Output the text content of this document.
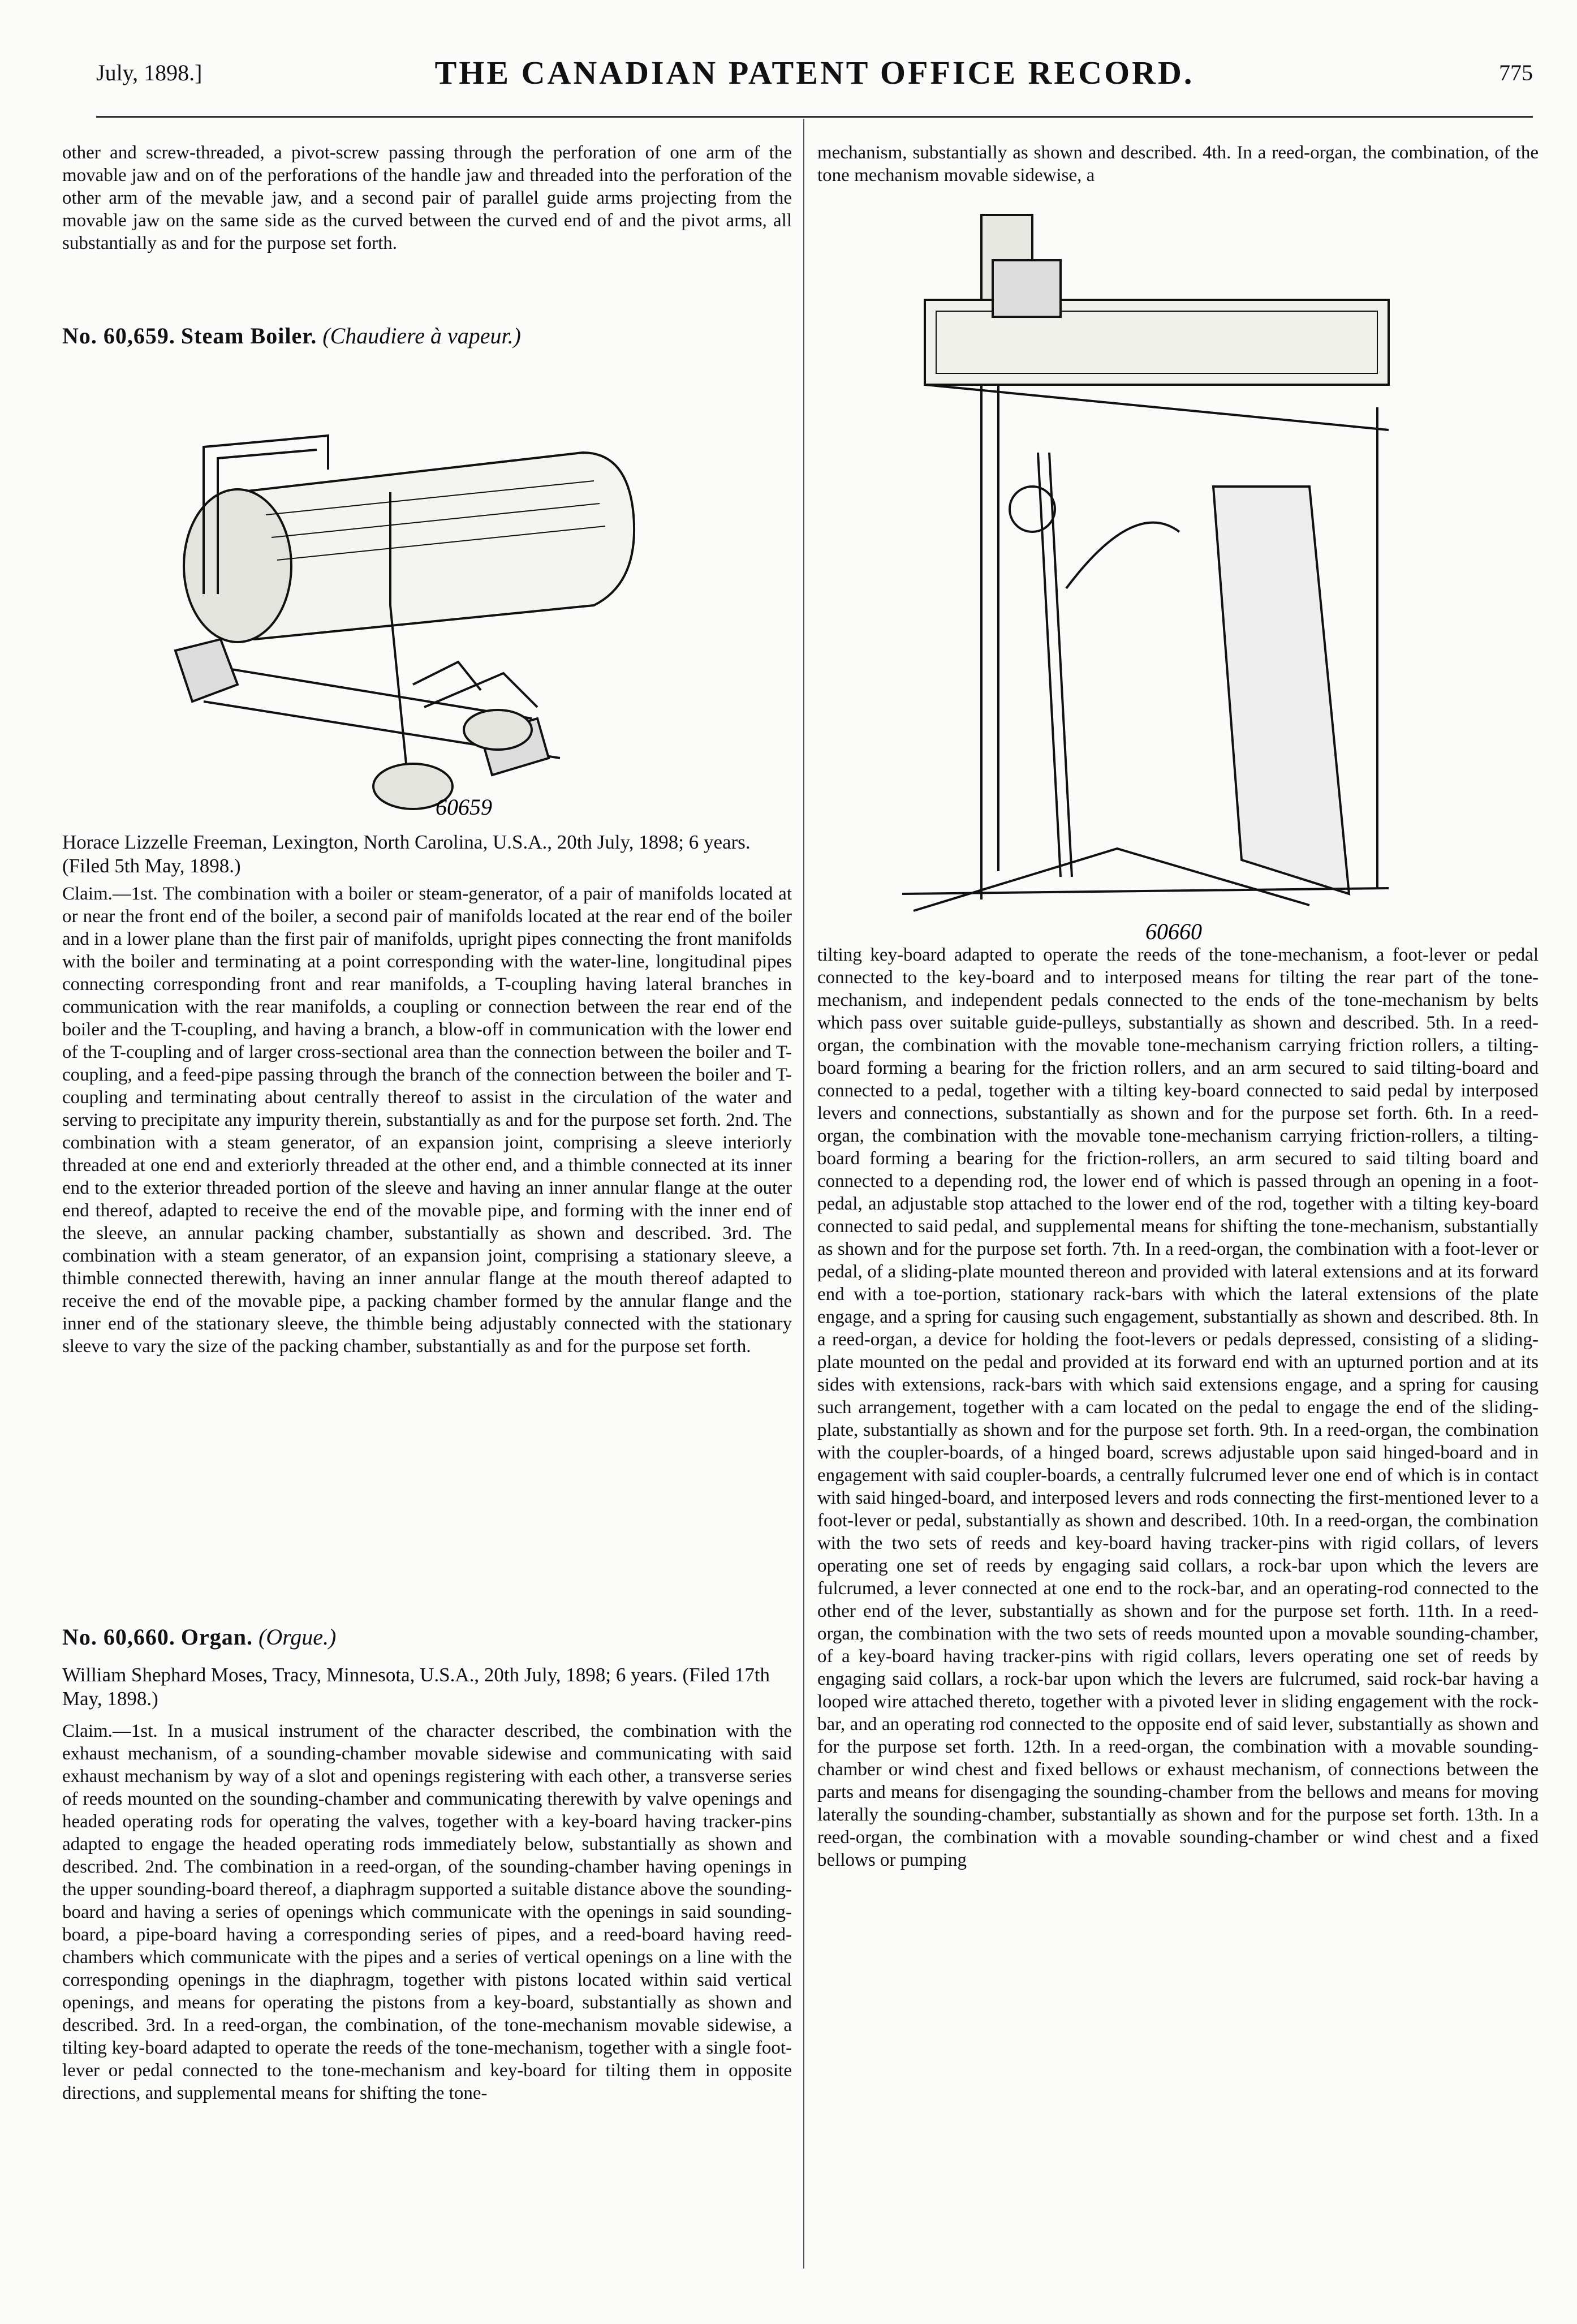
July, 1898.]	THE CANADIAN PATENT OFFICE RECORD.	775
other and screw-threaded, a pivot-screw passing through the perforation of one arm of the movable jaw and on of the perforations of the handle jaw and threaded into the perforation of the other arm of the mevable jaw, and a second pair of parallel guide arms projecting from the movable jaw on the same side as the curved between the curved end of and the pivot arms, all substantially as and for the purpose set forth.
No. 60,659. Steam Boiler. (Chaudiere à vapeur.)
60659
Horace Lizzelle Freeman, Lexington, North Carolina, U.S.A., 20th July, 1898; 6 years. (Filed 5th May, 1898.)
Claim.—1st. The combination with a boiler or steam-generator, of a pair of manifolds located at or near the front end of the boiler, a second pair of manifolds located at the rear end of the boiler and in a lower plane than the first pair of manifolds, upright pipes connecting the front manifolds with the boiler and terminating at a point corresponding with the water-line, longitudinal pipes connecting corresponding front and rear manifolds, a T-coupling having lateral branches in communication with the rear manifolds, a coupling or connection between the rear end of the boiler and the T-coupling, and having a branch, a blow-off in communication with the lower end of the T-coupling and of larger cross-sectional area than the connection between the boiler and T-coupling, and a feed-pipe passing through the branch of the connection between the boiler and T-coupling and terminating about centrally thereof to assist in the circulation of the water and serving to precipitate any impurity therein, substantially as and for the purpose set forth. 2nd. The combination with a steam generator, of an expansion joint, comprising a sleeve interiorly threaded at one end and exteriorly threaded at the other end, and a thimble connected at its inner end to the exterior threaded portion of the sleeve and having an inner annular flange at the outer end thereof, adapted to receive the end of the movable pipe, and forming with the inner end of the sleeve, an annular packing chamber, substantially as shown and described. 3rd. The combination with a steam generator, of an expansion joint, comprising a stationary sleeve, a thimble connected therewith, having an inner annular flange at the mouth thereof adapted to receive the end of the movable pipe, a packing chamber formed by the annular flange and the inner end of the stationary sleeve, the thimble being adjustably connected with the stationary sleeve to vary the size of the packing chamber, substantially as and for the purpose set forth.
No. 60,660. Organ. (Orgue.)
William Shephard Moses, Tracy, Minnesota, U.S.A., 20th July, 1898; 6 years. (Filed 17th May, 1898.)
Claim.—1st. In a musical instrument of the character described, the combination with the exhaust mechanism, of a sounding-chamber movable sidewise and communicating with said exhaust mechanism by way of a slot and openings registering with each other, a transverse series of reeds mounted on the sounding-chamber and communicating therewith by valve openings and headed operating rods for operating the valves, together with a key-board having tracker-pins adapted to engage the headed operating rods immediately below, substantially as shown and described. 2nd. The combination in a reed-organ, of the sounding-chamber having openings in the upper sounding-board thereof, a diaphragm supported a suitable distance above the sounding-board and having a series of openings which communicate with the openings in said sounding-board, a pipe-board having a corresponding series of pipes, and a reed-board having reed-chambers which communicate with the pipes and a series of vertical openings on a line with the corresponding openings in the diaphragm, together with pistons located within said vertical openings, and means for operating the pistons from a key-board, substantially as shown and described. 3rd. In a reed-organ, the combination, of the tone-mechanism movable sidewise, a tilting key-board adapted to operate the reeds of the tone-mechanism, together with a single foot-lever or pedal connected to the tone-mechanism and key-board for tilting them in opposite directions, and supplemental means for shifting the tone-
mechanism, substantially as shown and described. 4th. In a reed-organ, the combination, of the tone mechanism movable sidewise, a
60660
tilting key-board adapted to operate the reeds of the tone-mechanism, a foot-lever or pedal connected to the key-board and to interposed means for tilting the rear part of the tone-mechanism, and independent pedals connected to the ends of the tone-mechanism by belts which pass over suitable guide-pulleys, substantially as shown and described. 5th. In a reed-organ, the combination with the movable tone-mechanism carrying friction rollers, a tilting-board forming a bearing for the friction rollers, and an arm secured to said tilting-board and connected to a pedal, together with a tilting key-board connected to said pedal by interposed levers and connections, substantially as shown and for the purpose set forth. 6th. In a reed-organ, the combination with the movable tone-mechanism carrying friction-rollers, a tilting-board forming a bearing for the friction-rollers, an arm secured to said tilting board and connected to a depending rod, the lower end of which is passed through an opening in a foot-pedal, an adjustable stop attached to the lower end of the rod, together with a tilting key-board connected to said pedal, and supplemental means for shifting the tone-mechanism, substantially as shown and for the purpose set forth. 7th. In a reed-organ, the combination with a foot-lever or pedal, of a sliding-plate mounted thereon and provided with lateral extensions and at its forward end with a toe-portion, stationary rack-bars with which the lateral extensions of the plate engage, and a spring for causing such engagement, substantially as shown and described. 8th. In a reed-organ, a device for holding the foot-levers or pedals depressed, consisting of a sliding-plate mounted on the pedal and provided at its forward end with an upturned portion and at its sides with extensions, rack-bars with which said extensions engage, and a spring for causing such arrangement, together with a cam located on the pedal to engage the end of the sliding-plate, substantially as shown and for the purpose set forth. 9th. In a reed-organ, the combination with the coupler-boards, of a hinged board, screws adjustable upon said hinged-board and in engagement with said coupler-boards, a centrally fulcrumed lever one end of which is in contact with said hinged-board, and interposed levers and rods connecting the first-mentioned lever to a foot-lever or pedal, substantially as shown and described. 10th. In a reed-organ, the combination with the two sets of reeds and key-board having tracker-pins with rigid collars, of levers operating one set of reeds by engaging said collars, a rock-bar upon which the levers are fulcrumed, a lever connected at one end to the rock-bar, and an operating-rod connected to the other end of the lever, substantially as shown and for the purpose set forth. 11th. In a reed-organ, the combination with the two sets of reeds mounted upon a movable sounding-chamber, of a key-board having tracker-pins with rigid collars, levers operating one set of reeds by engaging said collars, a rock-bar upon which the levers are fulcrumed, said rock-bar having a looped wire attached thereto, together with a pivoted lever in sliding engagement with the rock-bar, and an operating rod connected to the opposite end of said lever, substantially as shown and for the purpose set forth. 12th. In a reed-organ, the combination with a movable sounding-chamber or wind chest and fixed bellows or exhaust mechanism, of connections between the parts and means for disengaging the sounding-chamber from the bellows and means for moving laterally the sounding-chamber, substantially as shown and for the purpose set forth. 13th. In a reed-organ, the combination with a movable sounding-chamber or wind chest and a fixed bellows or pumping
